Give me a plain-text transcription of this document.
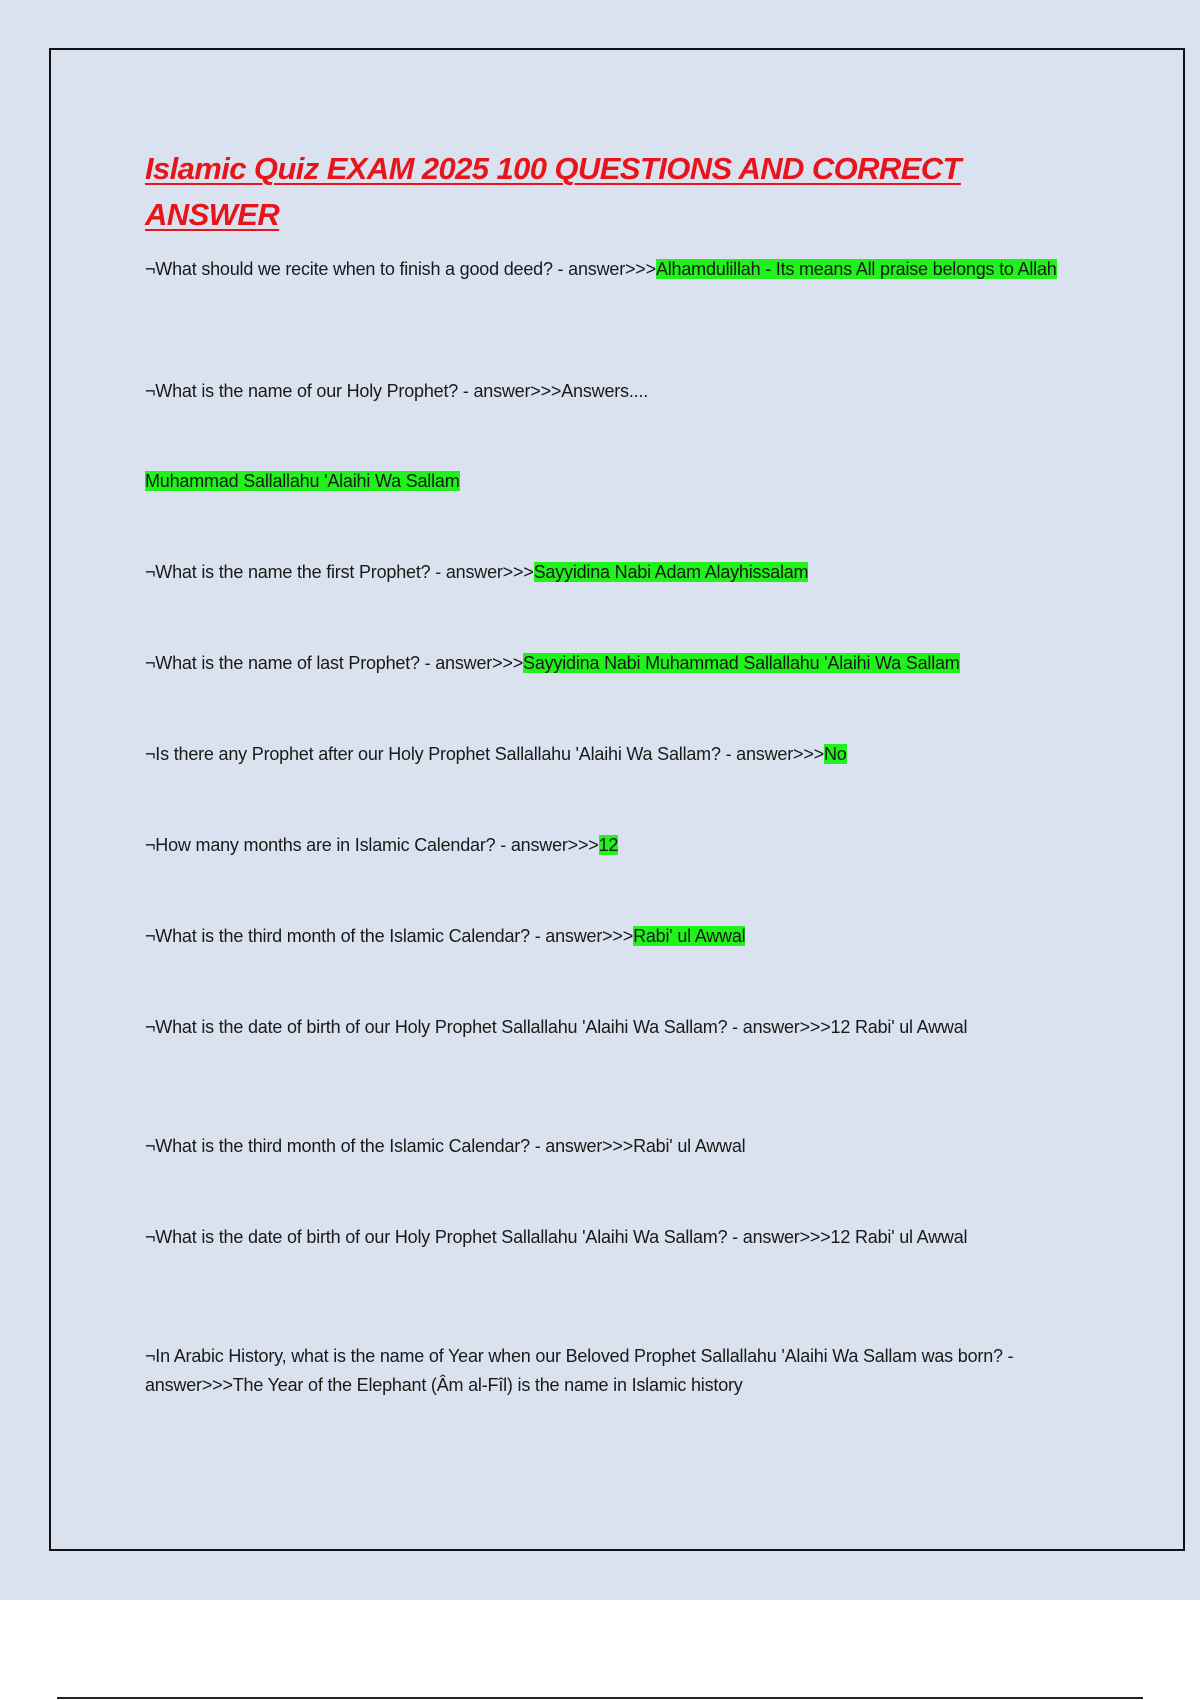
Islamic Quiz EXAM 2025 100 QUESTIONS AND CORRECT ANSWER

¬What should we recite when to finish a good deed? - answer>>>Alhamdulillah - Its means All praise belongs to Allah

¬What is the name of our Holy Prophet? - answer>>>Answers....

Muhammad Sallallahu 'Alaihi Wa Sallam

¬What is the name the first Prophet? - answer>>>Sayyidina Nabi Adam Alayhissalam

¬What is the name of last Prophet? - answer>>>Sayyidina Nabi Muhammad Sallallahu 'Alaihi Wa Sallam

¬Is there any Prophet after our Holy Prophet Sallallahu 'Alaihi Wa Sallam? - answer>>>No

¬How many months are in Islamic Calendar? - answer>>>12

¬What is the third month of the Islamic Calendar? - answer>>>Rabi' ul Awwal

¬What is the date of birth of our Holy Prophet Sallallahu 'Alaihi Wa Sallam? - answer>>>12 Rabi' ul Awwal

¬What is the third month of the Islamic Calendar? - answer>>>Rabi' ul Awwal

¬What is the date of birth of our Holy Prophet Sallallahu 'Alaihi Wa Sallam? - answer>>>12 Rabi' ul Awwal

¬In Arabic History, what is the name of Year when our Beloved Prophet Sallallahu 'Alaihi Wa Sallam was born? - answer>>>The Year of the Elephant (Âm al-Fîl) is the name in Islamic history
